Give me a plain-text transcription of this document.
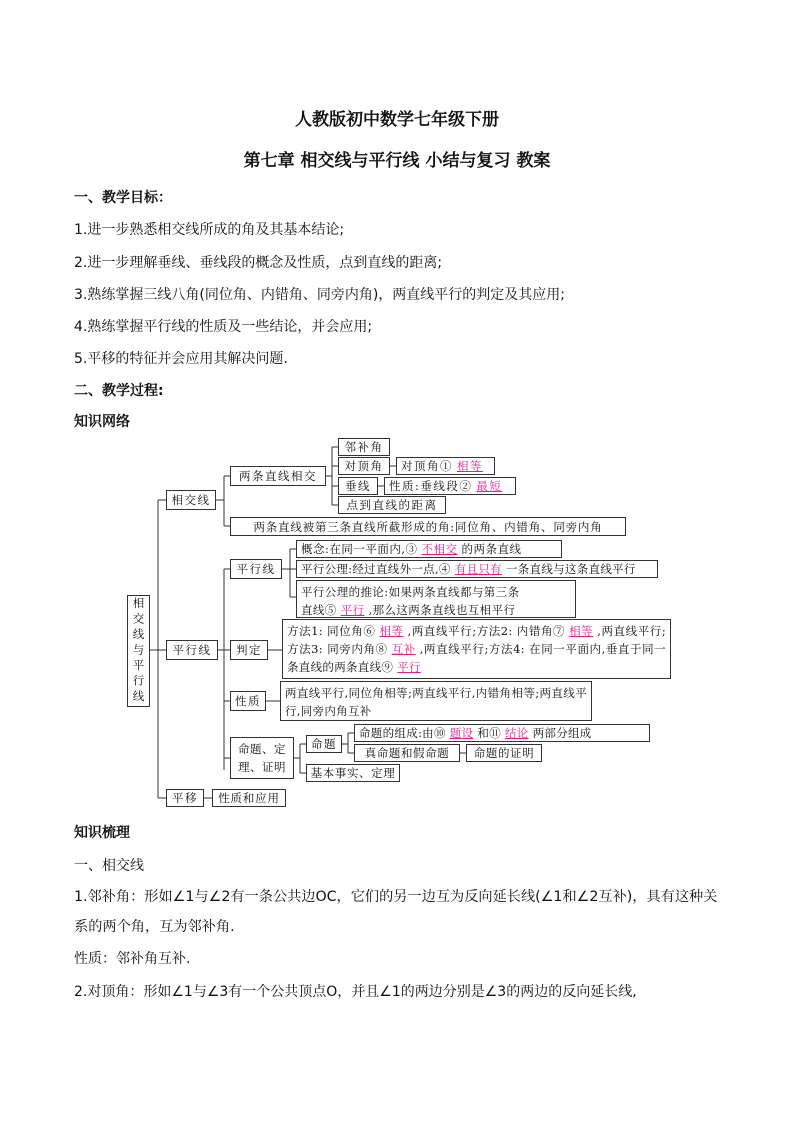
人教版初中数学七年级下册
第七章 相交线与平行线 小结与复习 教案
一、教学目标：
1.进一步熟悉相交线所成的角及其基本结论;
2.进一步理解垂线、垂线段的概念及性质，点到直线的距离;
3.熟练掌握三线八角(同位角、内错角、同旁内角)，两直线平行的判定及其应用;
4.熟练掌握平行线的性质及一些结论，并会应用;
5.平移的特征并会应用其解决问题.
二、教学过程:
知识网络
相交线与平行线
相交线
两条直线相交
邻补角
对顶角	对顶角① 相等
垂线	性质:垂线段② 最短
点到直线的距离
两条直线被第三条直线所截形成的角:同位角、内错角、同旁内角
平行线
平行线
概念:在同一平面内,③ 不相交 的两条直线
平行公理:经过直线外一点,④ 有且只有 一条直线与这条直线平行
平行公理的推论:如果两条直线都与第三条
直线⑤ 平行 ,那么这两条直线也互相平行
判定
方法1: 同位角⑥ 相等 ,两直线平行;方法2: 内错角⑦ 相等 ,两直线平行;方法3: 同旁内角⑧ 互补 ,两直线平行;方法4: 在同一平面内,垂直于同一条直线的两条直线⑨ 平行
性质
两直线平行,同位角相等;两直线平行,内错角相等;两直线平行,同旁内角互补
命题、定理、证明
命题
命题的组成:由⑩ 题设 和⑪ 结论 两部分组成
真命题和假命题	命题的证明
基本事实、定理
平移	性质和应用
知识梳理
一、相交线
1.邻补角：形如∠1与∠2有一条公共边OC，它们的另一边互为反向延长线(∠1和∠2互补)，具有这种关系的两个角，互为邻补角.
性质：邻补角互补.
2.对顶角：形如∠1与∠3有一个公共顶点O，并且∠1的两边分别是∠3的两边的反向延长线,
